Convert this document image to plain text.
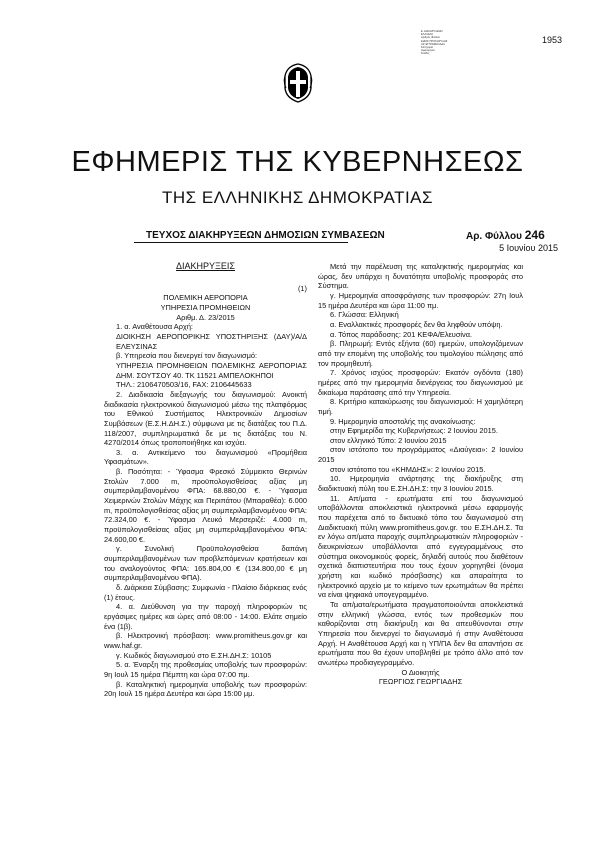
1953
Ε. ΔΙΑΚΗΡΥΞΕΩΝ
ΕΛΛΑΔΑΣ
Αριθμός Φύλλου
ΕΙΔΟΣ ΠΡΟΚΗΡΥΞΗΣ
ΑΡ. ΕΓΓΡΑΦΗΣ/ΑΔΑ
Κατηγορία
Ημερομηνία
Σελίδες
ΕΦΗΜΕΡΙΣ ΤΗΣ ΚΥΒΕΡΝΗΣΕΩΣ
ΤΗΣ ΕΛΛΗΝΙΚΗΣ ΔΗΜΟΚΡΑΤΙΑΣ
ΤΕΥΧΟΣ ΔΙΑΚΗΡΥΞΕΩΝ ΔΗΜΟΣΙΩΝ ΣΥΜΒΑΣΕΩΝ	Αρ. Φύλλου 246
5 Ιουνίου 2015

ΔΙΑΚΗΡΥΞΕΙΣ

(1)

ΠΟΛΕΜΙΚΗ ΑΕΡΟΠΟΡΙΑ

ΥΠΗΡΕΣΙΑ ΠΡΟΜΗΘΕΙΩΝ

Αριθμ. Δ. 23/2015

1. α. Αναθέτουσα Αρχή:

ΔΙΟΙΚΗΣΗ ΑΕΡΟΠΟΡΙΚΗΣ ΥΠΟΣΤΗΡΙΞΗΣ (ΔΑΥ)/Α/Δ ΕΛΕΥΣΙΝΑΣ

β. Υπηρεσία που διενεργεί τον διαγωνισμό:

ΥΠΗΡΕΣΙΑ ΠΡΟΜΗΘΕΙΩΝ ΠΟΛΕΜΙΚΗΣ ΑΕΡΟΠΟΡΙΑΣ ΔΗΜ. ΣΟΥΤΣΟΥ 40. ΤΚ 11521 ΑΜΠΕΛΟΚΗΠΟΙ

ΤΗΛ.: 2106470503/16, FAX: 2106445633

2. Διαδικασία διεξαγωγής του διαγωνισμού: Ανοικτή διαδικασία ηλεκτρονικού διαγωνισμού μέσω της πλατφόρμας του Εθνικού Συστήματος Ηλεκτρονικών Δημοσίων Συμβάσεων (Ε.Σ.Η.ΔΗ.Σ.) σύμφωνα με τις διατάξεις του Π.Δ. 118/2007, συμπληρωματικά δε με τις διατάξεις του Ν. 4270/2014 όπως τροποποιήθηκε και ισχύει.

3. α. Αντικείμενο του διαγωνισμού «Προμήθεια Υφασμάτων».

β. Ποσότητα: - Ύφασμα Φρεσκό Σύμμεικτο Θερινών Στολών 7.000 m, προϋπολογισθείσας αξίας μη συμπεριλαμβανομένου ΦΠΑ: 68.880,00 €. - Ύφασμα Χειμερινών Στολών Μάχης και Περιπάτου (Μπαραθέα): 6.000 m, προϋπολογισθείσας αξίας μη συμπεριλαμβανομένου ΦΠΑ: 72.324,00 €. - Ύφασμα Λευκό Μερσεριζέ: 4.000 m, προϋπολογισθείσας αξίας μη συμπεριλαμβανομένου ΦΠΑ: 24.600,00 €.

γ. Συνολική Προϋπολογισθείσα δαπάνη συμπεριλαμβανομένων των προβλεπόμενων κρατήσεων και του αναλογούντος ΦΠΑ: 165.804,00 € (134.800,00 € μη συμπεριλαμβανομένου ΦΠΑ).

δ. Διάρκεια Σύμβασης: Συμφωνία - Πλαίσιο διάρκειας ενός (1) έτους.

4. α. Διεύθυνση για την παροχή πληροφοριών τις εργάσιμες ημέρες και ώρες από 08:00 - 14:00. Ελάτε σημείο ένα (1β).

β. Ηλεκτρονική πρόσβαση: www.promitheus.gov.gr και www.haf.gr.

γ. Κωδικός διαγωνισμού στο Ε.ΣΗ.ΔΗ.Σ: 10105

5. α. Έναρξη της προθεσμίας υποβολής των προσφορών: 9η Ιουλ 15 ημέρα Πέμπτη και ώρα 07:00 πμ.

β. Καταληκτική ημερομηνία υποβολής των προσφορών: 20η Ιουλ 15 ημέρα Δευτέρα και ώρα 15:00 μμ.

Μετά την παρέλευση της καταληκτικής ημερομηνίας και ώρας, δεν υπάρχει η δυνατότητα υποβολής προσφοράς στο Σύστημα.

γ. Ημερομηνία αποσφράγισης των προσφορών: 27η Ιουλ 15 ημέρα Δευτέρα και ώρα 11:00 πμ.

6. Γλώσσα: Ελληνική

α. Εναλλακτικές προσφορές δεν θα ληφθούν υπόψη.

α. Τόπος παράδοσης: 201 ΚΕΦΑ/Ελευσίνα.

β. Πληρωμή: Εντός εξήντα (60) ημερών, υπολογιζόμενων από την επομένη της υποβολής του τιμολογίου πώλησης από τον προμηθευτή.

7. Χρόνος ισχύος προσφορών: Εκατόν ογδόντα (180) ημέρες από την ημερομηνία διενέργειας του διαγωνισμού με δικαίωμα παράτασης από την Υπηρεσία.

8. Κριτήριο κατακύρωσης του διαγωνισμού: Η χαμηλότερη τιμή.

9. Ημερομηνία αποστολής της ανακοίνωσης:

στην Εφημερίδα της Κυβερνήσεως: 2 Ιουνίου 2015.

στον ελληνικό Τύπο: 2 Ιουνίου 2015

στον ιστότοπο του προγράμματος «Διαύγεια»: 2 Ιουνίου 2015

στον ιστότοπο του «ΚΗΜΔΗΣ»: 2 Ιουνίου 2015.

10. Ημερομηνία ανάρτησης της διακήρυξης στη διαδικτυακή πύλη του Ε.ΣΗ.ΔΗ.Σ: την 3 Ιουνίου 2015.

11. Απ/ματα - ερωτήματα επί του διαγωνισμού υποβάλλονται αποκλειστικά ηλεκτρονικά μέσω εφαρμογής που παρέχεται από το δικτυακό τόπο του διαγωνισμού στη Διαδικτυακή πύλη www.promitheus.gov.gr. του Ε.ΣΗ.ΔΗ.Σ. Τα εν λόγω απ/ματα παροχής συμπληρωματικών πληροφοριών - διευκρινίσεων υποβάλλονται από εγγεγραμμένους στο σύστημα οικονομικούς φορείς, δηλαδή αυτούς που διαθέτουν σχετικά διαπιστευτήρια που τους έχουν χορηγηθεί (όνομα χρήστη και κωδικό πρόσβασης) και απαραίτητα το ηλεκτρονικό αρχείο με το κείμενο των ερωτημάτων θα πρέπει να είναι ψηφιακά υπογεγραμμένο.

Τα απ/ματα/ερωτήματα πραγματοποιούνται αποκλειστικά στην ελληνική γλώσσα, εντός των προθεσμιών που καθορίζονται στη διακήρυξη και θα απευθύνονται στην Υπηρεσία που διενεργεί το διαγωνισμό ή στην Αναθέτουσα Αρχή. Η Αναθέτουσα Αρχή και η ΥΠ/ΠΑ δεν θα απαντήσει σε ερωτήματα που θα έχουν υποβληθεί με τρόπο άλλο από τον ανωτέρω προδιαγεγραμμένο.

Ο Διοικητής

ΓΕΩΡΓΙΟΣ ΓΕΩΡΓΙΑΔΗΣ
